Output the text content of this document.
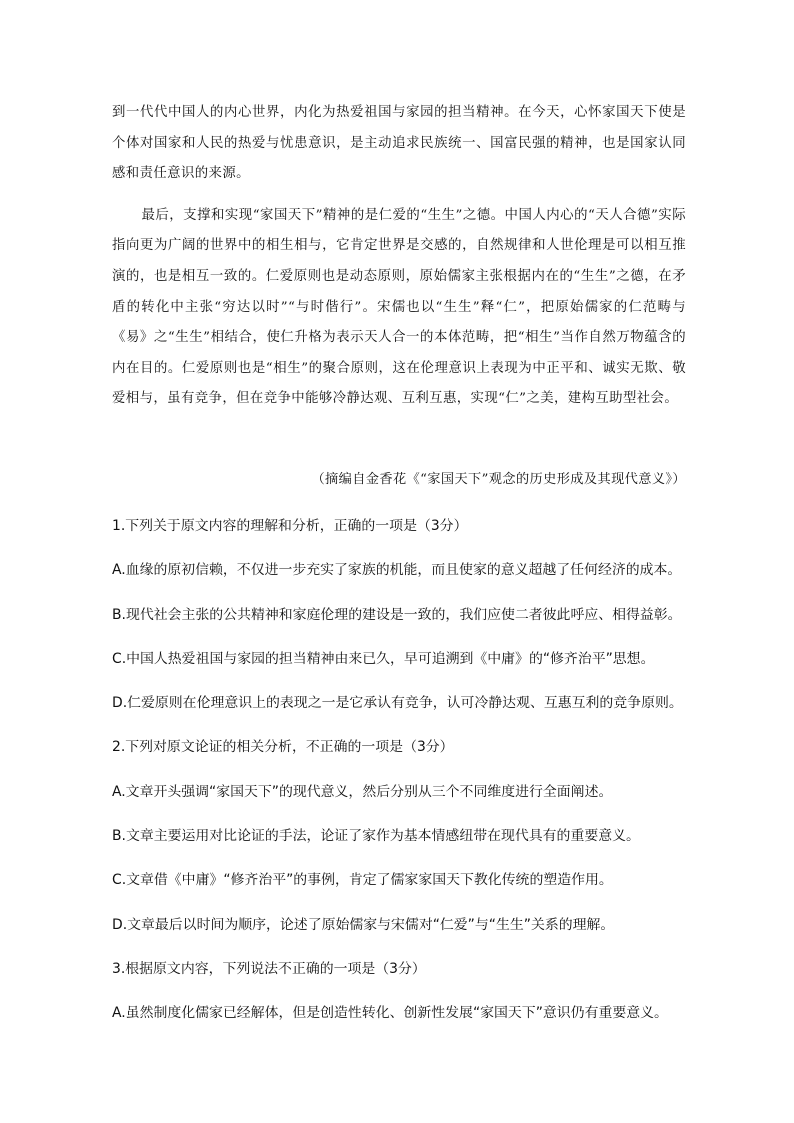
到一代代中国人的内心世界，内化为热爱祖国与家园的担当精神。在今天，心怀家国天下使是个体对国家和人民的热爱与忧患意识，是主动追求民族统一、国富民强的精神，也是国家认同感和责任意识的来源。

最后，支撑和实现“家国天下”精神的是仁爱的“生生”之德。中国人内心的“天人合德”实际指向更为广阔的世界中的相生相与，它肯定世界是交感的，自然规律和人世伦理是可以相互推演的，也是相互一致的。仁爱原则也是动态原则，原始儒家主张根据内在的“生生”之德，在矛盾的转化中主张“穷达以时”“与时偕行”。宋儒也以“生生”释“仁”，把原始儒家的仁范畴与《易》之“生生”相结合，使仁升格为表示天人合一的本体范畴，把“相生”当作自然万物蕴含的内在目的。仁爱原则也是“相生”的聚合原则，这在伦理意识上表现为中正平和、诚实无欺、敬爱相与，虽有竞争，但在竞争中能够冷静达观、互利互惠，实现“仁”之美，建构互助型社会。

（摘编自金香花《“家国天下”观念的历史形成及其现代意义》）
1.下列关于原文内容的理解和分析，正确的一项是（3分）
A.血缘的原初信赖，不仅进一步充实了家族的机能，而且使家的意义超越了任何经济的成本。
B.现代社会主张的公共精神和家庭伦理的建设是一致的，我们应使二者彼此呼应、相得益彰。
C.中国人热爱祖国与家园的担当精神由来已久，早可追溯到《中庸》的“修齐治平”思想。
D.仁爱原则在伦理意识上的表现之一是它承认有竞争，认可冷静达观、互惠互利的竞争原则。
2.下列对原文论证的相关分析，不正确的一项是（3分）
A.文章开头强调“家国天下”的现代意义，然后分别从三个不同维度进行全面阐述。
B.文章主要运用对比论证的手法，论证了家作为基本情感纽带在现代具有的重要意义。
C.文章借《中庸》“修齐治平”的事例，肯定了儒家家国天下教化传统的塑造作用。
D.文章最后以时间为顺序，论述了原始儒家与宋儒对“仁爱”与“生生”关系的理解。
3.根据原文内容，下列说法不正确的一项是（3分）
A.虽然制度化儒家已经解体，但是创造性转化、创新性发展“家国天下”意识仍有重要意义。
